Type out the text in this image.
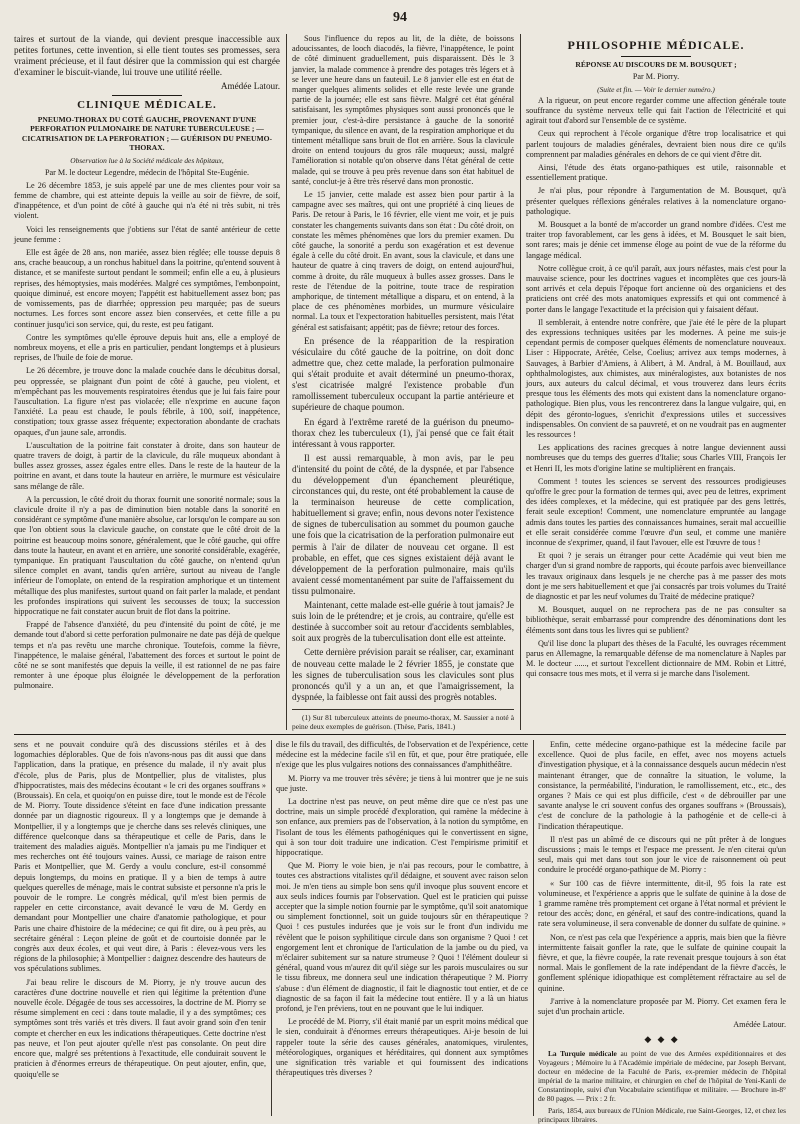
94

taires et surtout de la viande, qui devient presque inaccessible aux petites fortunes, cette invention, si elle tient toutes ses promesses, sera vraiment précieuse, et il faut désirer que la commission qui est chargée d'examiner le biscuit-viande, lui trouve une utilité réelle.

Amédée Latour.

CLINIQUE MÉDICALE.
PNEUMO-THORAX DU COTÉ GAUCHE, PROVENANT D'UNE PERFORATION PULMONAIRE DE NATURE TUBERCULEUSE ; — CICATRISATION DE LA PERFORATION ; — GUÉRISON DU PNEUMO-THORAX.
Observation lue à la Société médicale des hôpitaux,

Par M. le docteur Legendre, médecin de l'hôpital Ste-Eugénie.

Le 26 décembre 1853, je suis appelé par une de mes clientes pour voir sa femme de chambre, qui est atteinte depuis la veille au soir de fièvre, de soif, d'inappétence, et d'un point de côté à gauche qui n'a été ni très subit, ni très violent.

Voici les renseignements que j'obtiens sur l'état de santé antérieur de cette jeune femme :

Elle est âgée de 28 ans, non mariée, assez bien réglée; elle tousse depuis 8 ans, crache beaucoup, a un ronchus habituel dans la poitrine, qu'entend souvent à distance, et se manifeste surtout pendant le sommeil; enfin elle a eu, à plusieurs reprises, des hémoptysies, mais modérées. Malgré ces symptômes, l'embonpoint, quoique diminué, est encore moyen; l'appétit est habituellement assez bon; pas de vomissements, pas de diarrhée; oppression peu marquée; pas de sueurs nocturnes. Les forces sont encore assez bien conservées, et cette fille a pu continuer jusqu'ici son service, qui, du reste, est peu fatigant.

Contre les symptômes qu'elle éprouve depuis huit ans, elle a employé de nombreux moyens, et elle a pris en particulier, pendant longtemps et à plusieurs reprises, de l'huile de foie de morue.

Le 26 décembre, je trouve donc la malade couchée dans le décubitus dorsal, peu oppressée, se plaignant d'un point de côté à gauche, peu violent, et m'empêchant pas les mouvements respiratoires étendus que je lui fais faire pour l'auscultation. La figure n'est pas violacée; elle n'exprime en aucune façon l'anxiété. La peau est chaude, le pouls fébrile, à 100, soif, inappétence, constipation; toux grasse assez fréquente; expectoration abondante de crachats opaques, d'un jaune sale, arrondis.

L'auscultation de la poitrine fait constater à droite, dans son hauteur de quatre travers de doigt, à partir de la clavicule, du râle muqueux abondant à bulles assez grosses, assez égales entre elles. Dans le reste de la hauteur de la poitrine en avant, et dans toute la hauteur en arrière, le murmure est vésiculaire sans mélange de râle.

A la percussion, le côté droit du thorax fournit une sonorité normale; sous la clavicule droite il n'y a pas de diminution bien notable dans la sonorité en considérant ce symptôme d'une manière absolue, car lorsqu'on le compare au son que l'on obtient sous la clavicule gauche, on constate que le côté droit de la poitrine est beaucoup moins sonore, généralement, que le côté gauche, qui offre dans toute la hauteur, en avant et en arrière, une sonorité considérable, exagérée, tympanique. En pratiquant l'auscultation du côté gauche, on n'entend qu'un silence complet en avant, tandis qu'en arrière, surtout au niveau de l'angle inférieur de l'omoplate, on entend de la respiration amphorique et un tintement métallique des plus manifestes, surtout quand on fait parler la malade, et pendant les profondes inspirations qui suivent les secousses de toux; la succession hippocratique ne fait constater aucun bruit de flot dans la poitrine.

Frappé de l'absence d'anxiété, du peu d'intensité du point de côté, je me demande tout d'abord si cette perforation pulmonaire ne date pas déjà de quelque temps et n'a pas revêtu une marche chronique. Toutefois, comme la fièvre, l'inappétence, le malaise général, l'abattement des forces et surtout le point de côté ne se sont manifestés que depuis la veille, il est rationnel de ne pas faire remonter à une époque plus éloignée le développement de la perforation pulmonaire.

Sous l'influence du repos au lit, de la diète, de boissons adoucissantes, de looch diacodés, la fièvre, l'inappétence, le point de côté diminuent graduellement, puis disparaissent. Dès le 3 janvier, la malade commence à prendre des potages très légers et à se lever une heure dans un fauteuil. Le 8 janvier elle est en état de manger quelques aliments solides et elle reste levée une grande partie de la journée; elle est sans fièvre. Malgré cet état général satisfaisant, les symptômes physiques sont aussi prononcés que le premier jour, c'est-à-dire persistance à gauche de la sonorité tympanique, du silence en avant, de la respiration amphorique et du tintement métallique sans bruit de flot en arrière. Sous la clavicule droite on entend toujours du gros râle muqueux; aussi, malgré l'amélioration si notable qu'on observe dans l'état général de cette malade, qui se trouve à peu près revenue dans son état habituel de santé, conclut-je à être très réservé dans mon pronostic.

Le 15 janvier, cette malade est assez bien pour partir à la campagne avec ses maîtres, qui ont une propriété à cinq lieues de Paris. De retour à Paris, le 16 février, elle vient me voir, et je puis constater les changements suivants dans son état : Du côté droit, on constate les mêmes phénomènes que lors du premier examen. Du côté gauche, la sonorité a perdu son exagération et est devenue égale à celle du côté droit. En avant, sous la clavicule, et dans une hauteur de quatre à cinq travers de doigt, on entend aujourd'hui, comme à droite, du râle muqueux à bulles assez grosses. Dans le reste de l'étendue de la poitrine, toute trace de respiration amphorique, de tintement métallique a disparu, et on entend, à la place de ces phénomènes morbides, un murmure vésiculaire normal. La toux et l'expectoration habituelles persistent, mais l'état général est satisfaisant; appétit; pas de fièvre; retour des forces.

En présence de la réapparition de la respiration vésiculaire du côté gauche de la poitrine, on doit donc admettre que, chez cette malade, la perforation pulmonaire qui s'était produite et avait déterminé un pneumo-thorax, s'est cicatrisée malgré l'existence probable d'un ramollissement tuberculeux occupant la partie antérieure et supérieure de chaque poumon.

En égard à l'extrême rareté de la guérison du pneumo-thorax chez les tuberculeux (1), j'ai pensé que ce fait était intéressant à vous rapporter.

Il est aussi remarquable, à mon avis, par le peu d'intensité du point de côté, de la dyspnée, et par l'absence du développement d'un épanchement pleurétique, circonstances qui, du reste, ont été probablement la cause de la terminaison heureuse de cette complication, habituellement si grave; enfin, nous devons noter l'existence de signes de tuberculisation au sommet du poumon gauche une fois que la cicatrisation de la perforation pulmonaire eut permis à l'air de dilater de nouveau cet organe. Il est probable, en effet, que ces signes existaient déjà avant le développement de la perforation pulmonaire, mais qu'ils avaient cessé momentanément par suite de l'affaissement du tissu pulmonaire.

Maintenant, cette malade est-elle guérie à tout jamais? Je suis loin de le prétendre; et je crois, au contraire, qu'elle est destinée à succomber soit au retour d'accidents semblables, soit aux progrès de la tuberculisation dont elle est atteinte.

Cette dernière prévision parait se réaliser, car, examinant de nouveau cette malade le 2 février 1855, je constate que les signes de tuberculisation sous les clavicules sont plus prononcés qu'il y a un an, et que l'amaigrissement, la dyspnée, la faiblesse ont fait aussi des progrès notables.

(1) Sur 81 tuberculeux atteints de pneumo-thorax, M. Saussier a noté à peine deux exemples de guérison. (Thèse, Paris, 1841.)
PHILOSOPHIE MÉDICALE.
RÉPONSE AU DISCOURS DE M. BOUSQUET ;

Par M. Piorry.

(Suite et fin. — Voir le dernier numéro.)

A la rigueur, on peut encore regarder comme une affection générale toute souffrance du système nerveux telle qui fait l'action de l'électricité et qui agirait tout d'abord sur l'ensemble de ce système.

Ceux qui reprochent à l'école organique d'être trop localisatrice et qui parlent toujours de maladies générales, devraient bien nous dire ce qu'ils comprennent par maladies générales en dehors de ce qui vient d'être dit.

Ainsi, l'étude des états organo-pathiques est utile, raisonnable et essentiellement pratique.

Je n'ai plus, pour répondre à l'argumentation de M. Bousquet, qu'à présenter quelques réflexions générales relatives à la nomenclature organo-pathologique.

M. Bousquet a la bonté de m'accorder un grand nombre d'idées. C'est me traiter trop favorablement, car les gens à idées, et M. Bousquet le sait bien, sont rares; mais je dénie cet immense éloge au point de vue de la réforme du langage médical.

Notre collègue croit, à ce qu'il paraît, aux jours néfastes, mais c'est pour la mauvaise science, pour les doctrines vagues et incomplètes que ces jours-là sont arrivés et cela depuis l'époque fort ancienne où des organiciens et des praticiens ont créé des mots anatomiques expressifs et qui ont commencé à porter dans le langage l'exactitude et la précision qui y faisaient défaut.

Il semblerait, à entendre notre confrère, que j'aie été le père de la plupart des expressions techniques usitées par les modernes. A peine me suis-je cependant permis de composer quelques éléments de nomenclature nouveaux. Liser : Hippocrate, Arétée, Celse, Coelius; arrivez aux temps modernes, à Sauvages, à Barbier d'Amiens, à Alibert, à M. Andral, à M. Bouillaud, aux ophthalmologistes, aux chimistes, aux minéralogistes, aux botanistes de nos jours, aux auteurs du calcul décimal, et vous trouverez dans leurs écrits presque tous les éléments des mots qui existent dans la nomenclature organo-pathologique. Bien plus, vous les rencontrerez dans la langue vulgaire, qui, en dépit des géronto-logues, s'enrichit d'expressions utiles et successives indispensables. On convient de sa pauvreté, et on ne voudrait pas en augmenter les ressources !

Les applications des racines grecques à notre langue deviennent aussi nombreuses que du temps des guerres d'Italie; sous Charles VIII, François Ier et Henri II, les mots d'origine latine se multiplièrent en français.

Comment ! toutes les sciences se servent des ressources prodigieuses qu'offre le grec pour la formation de termes qui, avec peu de lettres, expriment des idées complexes, et la médecine, qui est pratiquée par des gens lettrés, ferait seule exception! Comment, une nomenclature empruntée au langage admis dans toutes les parties des connaissances humaines, serait mal accueillie et elle serait considérée comme l'œuvre d'un seul, et comme une manière inconnue de s'exprimer, quand, il faut l'avouer, elle est l'œuvre de tous !

Et quoi ? je serais un étranger pour cette Académie qui veut bien me charger d'un si grand nombre de rapports, qui écoute parfois avec bienveillance les travaux originaux dans lesquels je ne cherche pas à me passer des mots dont je me sers habituellement et que j'ai consacrés par trois volumes du Traité de diagnostic et par les neuf volumes du Traité de médecine pratique?

M. Bousquet, auquel on ne reprochera pas de ne pas consulter sa bibliothèque, serait embarrassé pour comprendre des dénominations dont les éléments sont dans tous les livres qui se publient?

Qu'il lise donc la plupart des thèses de la Faculté, les ouvrages récemment parus en Allemagne, la remarquable défense de ma nomenclature à Naples par M. le docteur ......, et surtout l'excellent dictionnaire de MM. Robin et Littré, qui consacre tous mes mots, et il verra si je marche dans l'isolement.

sens et ne pouvait conduire qu'à des discussions stériles et à des logomachies déplorables. Que de fois n'avons-nous pas dit aussi que dans l'application, dans la pratique, en présence du malade, il n'y avait plus d'école, plus de Paris, plus de Montpellier, plus de vitalistes, plus d'hippocratistes, mais des médecins écoutant « le cri des organes souffrans » (Broussais). En cela, et quoiqu'on en puisse dire, tout le monde est de l'école de M. Piorry. Toute dissidence s'éteint en face d'une indication pressante donnée par un diagnostic rigoureux. Il y a longtemps que je demande à Montpellier, il y a longtemps que je cherche dans ses relevés cliniques, une différence quelconque dans sa thérapeutique et celle de Paris, dans le traitement des maladies aiguës. Montpellier n'a jamais pu me l'indiquer et mes recherches ont été toujours vaines. Aussi, ce mariage de raison entre Paris et Montpellier, que M. Gerdy a voulu conclure, est-il consommé depuis longtemps, du moins en pratique. Il y a bien de temps à autre quelques querelles de ménage, mais le contrat subsiste et personne n'a pris le pouvoir de le rompre. Le congrès médical, qu'il m'est bien permis de rappeler en cette circonstance, avait devancé le vœu de M. Gerdy en demandant pour Montpellier une chaire d'anatomie pathologique, et pour Paris une chaire d'histoire de la médecine; ce qui fit dire, ou à peu près, au secrétaire général : Leçon pleine de goût et de courtoisie donnée par le congrès aux deux écoles, et qui veut dire, à Paris : élevez-vous vers les régions de la philosophie; à Montpellier : daignez descendre des hauteurs de vos spéculations sublimes.

J'ai beau relire le discours de M. Piorry, je n'y trouve aucun des caractères d'une doctrine nouvelle et rien qui légitime la prétention d'une nouvelle école. Dégagée de tous ses accessoires, la doctrine de M. Piorry se résume simplement en ceci : dans toute maladie, il y a des symptômes; ces symptômes sont très variés et très divers. Il faut avoir grand soin d'en tenir compte et chercher en eux les indications thérapeutiques. Cette doctrine n'est pas neuve, et l'on peut ajouter qu'elle n'est pas consolante. On peut dire encore que, malgré ses prétentions à l'exactitude, elle conduirait souvent le praticien à d'énormes erreurs de thérapeutique. On peut ajouter, enfin, que, quoiqu'elle se

dise le fils du travail, des difficultés, de l'observation et de l'expérience, cette médecine est la médecine facile s'il en fût, et que, pour être pratiquée, elle n'exige que les plus vulgaires notions des connaissances d'amphithéâtre.

M. Piorry va me trouver très sévère; je tiens à lui montrer que je ne suis que juste.

La doctrine n'est pas neuve, on peut même dire que ce n'est pas une doctrine, mais un simple procédé d'exploration, qui ramène la médecine à son enfance, aux premiers pas de l'observation, à la notion du symptôme, en l'isolant de tous les éléments pathogéniques qui le convertissent en signe, qui à son tour doit traduire une indication. C'est l'empirisme primitif et hippocratique.

Que M. Piorry le voie bien, je n'ai pas recours, pour le combattre, à toutes ces abstractions vitalistes qu'il dédaigne, et souvent avec raison selon moi. Je m'en tiens au simple bon sens qu'il invoque plus souvent encore et aux seuls indices fournis par l'observation. Quel est le praticien qui puisse accepter que la simple notion fournie par le symptôme, qu'il soit anatomique ou simplement fonctionnel, soit un guide toujours sûr en thérapeutique ? Quoi ! ces pustules indurées que je vois sur le front d'un individu me révèlent que le poison syphilitique circule dans son organisme ? Quoi ! cet engorgement lent et chronique de l'articulation de la jambe ou du pied, va m'éclairer subitement sur sa nature strumeuse ? Quoi ! l'élément douleur si général, quand vous m'aurez dit qu'il siège sur les parois musculaires ou sur le tissu fibreux, me donnera seul une indication thérapeutique ? M. Piorry s'abuse : d'un élément de diagnostic, il fait le diagnostic tout entier, et de ce diagnostic de sa façon il fait la médecine tout entière. Il y a là un hiatus profond, je l'en préviens, tout en ne pouvant que le lui indiquer.

Le procédé de M. Piorry, s'il était manié par un esprit moins médical que le sien, conduirait à d'énormes erreurs thérapeutiques. Ai-je besoin de lui rappeler toute la série des causes générales, anatomiques, virulentes, météorologiques, organiques et héréditaires, qui donnent aux symptômes une signification très variable et qui fournissent des indications thérapeutiques très diverses ?

Enfin, cette médecine organo-pathique est la médecine facile par excellence. Quoi de plus facile, en effet, avec nos moyens actuels d'investigation physique, et à la connaissance desquels aucun médecin n'est maintenant étranger, que de connaître la situation, le volume, la consistance, la perméabilité, l'induration, le ramollissement, etc., etc., des organes ? Mais ce qui est plus difficile, c'est « de débrouiller par une savante analyse le cri souvent confus des organes souffrans » (Broussais), c'est de conclure de la pathologie à la pathogénie et de celle-ci à l'indication thérapeutique.

Il n'est pas un abîmé de ce discours qui ne pût prêter à de longues discussions ; mais le temps et l'espace me pressent. Je n'en citerai qu'un seul, mais qui met dans tout son jour le vice de raisonnement où peut conduire le procédé organo-pathique de M. Piorry :

« Sur 100 cas de fièvre intermittente, dit-il, 95 fois la rate est volumineuse, et l'expérience a appris que le sulfate de quinine à la dose de 1 gramme ramène très promptement cet organe à l'état normal et prévient le retour des accès; donc, en général, et sauf des contre-indications, quand la rate sera volumineuse, il sera convenable de donner du sulfate de quinine. »

Non, ce n'est pas cela que l'expérience a appris, mais bien que la fièvre intermittente faisait gonfler la rate, que le sulfate de quinine coupait la fièvre, et que, la fièvre coupée, la rate revenait presque toujours à son état normal. Mais le gonflement de la rate indépendant de la fièvre d'accès, le gonflement splénique idiopathique est complètement réfractaire au sel de quinine.

J'arrive à la nomenclature proposée par M. Piorry. Cet examen fera le sujet d'un prochain article.

Amédée Latour.

◆ ◆ ◆

La Turquie médicale au point de vue des Armées expéditionnaires et des Voyageurs ; Mémoire lu à l'Académie impériale de médecine, par Joseph Bervant, docteur en médecine de la Faculté de Paris, ex-premier médecin de l'hôpital impérial de la marine militaire, et chirurgien en chef de l'hôpital de Yeni-Kanli de Constantinople, suivi d'un Vocabulaire scientifique et militaire. — Brochure in-8° de 80 pages. — Prix : 2 fr.

Paris, 1854, aux bureaux de l'Union Médicale, rue Saint-Georges, 12, et chez les principaux libraires.
